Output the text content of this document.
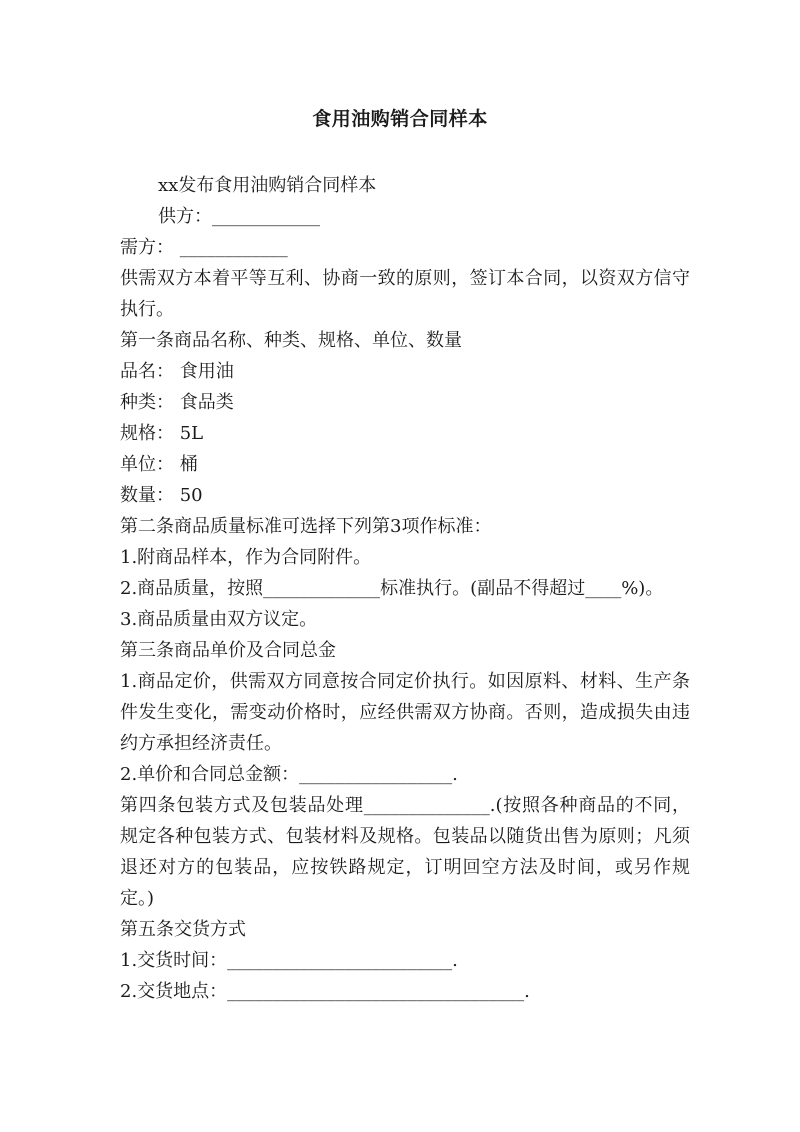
食用油购销合同样本
xx发布食用油购销合同样本
供方：____________
需方： ____________
供需双方本着平等互利、协商一致的原则，签订本合同，以资双方信守执行。
第一条商品名称、种类、规格、单位、数量
品名： 食用油
种类： 食品类
规格： 5L
单位： 桶
数量： 50
第二条商品质量标准可选择下列第3项作标准：
1.附商品样本，作为合同附件。
2.商品质量，按照_____________标准执行。(副品不得超过____%)。
3.商品质量由双方议定。
第三条商品单价及合同总金
1.商品定价，供需双方同意按合同定价执行。如因原料、材料、生产条件发生变化，需变动价格时，应经供需双方协商。否则，造成损失由违约方承担经济责任。
2.单价和合同总金额：_________________.
第四条包装方式及包装品处理______________.(按照各种商品的不同，规定各种包装方式、包装材料及规格。包装品以随货出售为原则；凡须退还对方的包装品，应按铁路规定，订明回空方法及时间，或另作规定。)
第五条交货方式
1.交货时间：_________________________.
2.交货地点：_________________________________.
